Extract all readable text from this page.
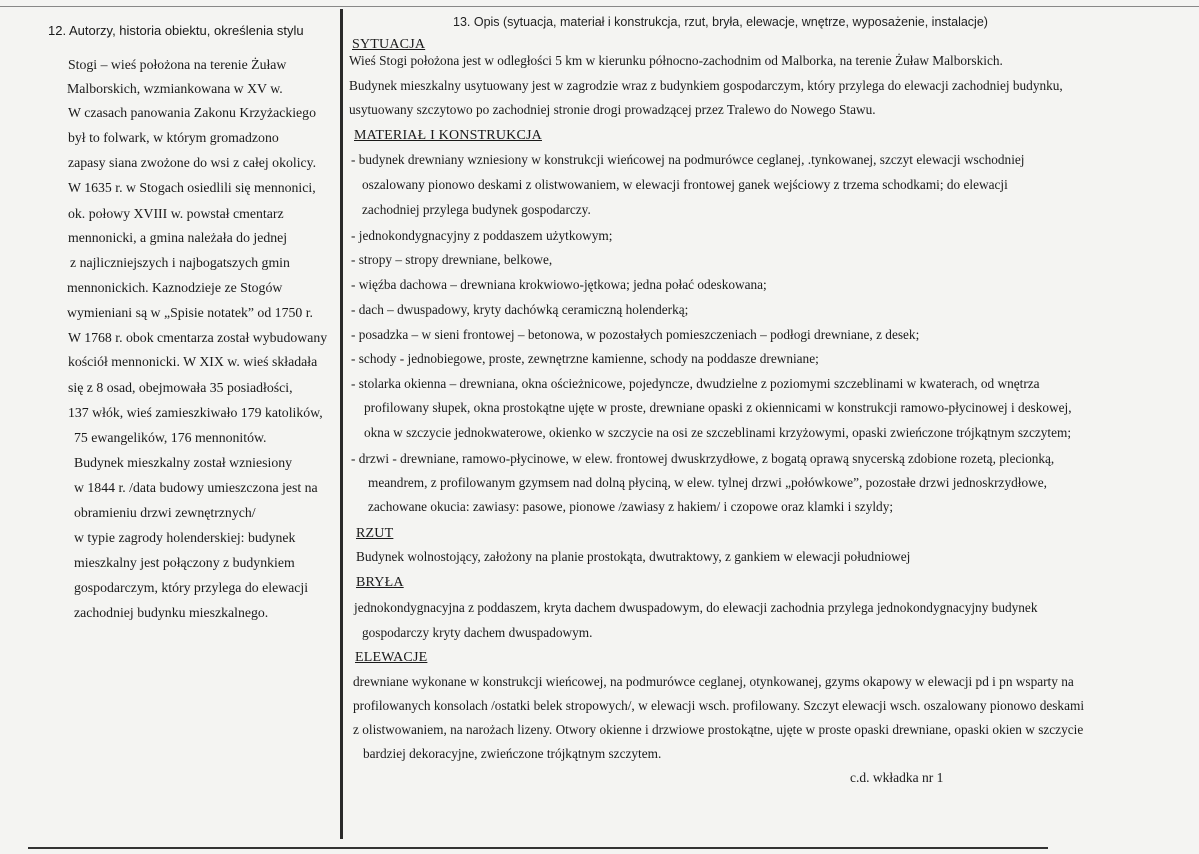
12. Autorzy, historia obiektu, określenia stylu
Stogi – wieś położona na terenie Żuław
Malborskich, wzmiankowana w XV w.
W czasach panowania Zakonu Krzyżackiego
był to folwark, w którym gromadzono
zapasy siana zwożone do wsi z całej okolicy.
W 1635 r. w Stogach osiedlili się mennonici,
ok. połowy XVIII w. powstał cmentarz
mennonicki, a gmina należała do jednej
z najliczniejszych i najbogatszych gmin
mennonickich. Kaznodzieje ze Stogów
wymieniani są w „Spisie notatek” od 1750 r.
W 1768 r. obok cmentarza został wybudowany
kościół mennonicki. W XIX w. wieś składała
się z 8 osad, obejmowała 35 posiadłości,
137 włók, wieś zamieszkiwało 179 katolików,
75 ewangelików, 176 mennonitów.
Budynek mieszkalny został wzniesiony
w 1844 r. /data budowy umieszczona jest na
obramieniu drzwi zewnętrznych/
w typie zagrody holenderskiej: budynek
mieszkalny jest połączony z budynkiem
gospodarczym, który przylega do elewacji
zachodniej budynku mieszkalnego.
13. Opis (sytuacja, materiał i konstrukcja, rzut, bryła, elewacje, wnętrze, wyposażenie, instalacje)
SYTUACJA
Wieś Stogi położona jest w odległości 5 km w kierunku północno-zachodnim od Malborka, na terenie Żuław Malborskich.
Budynek mieszkalny usytuowany jest w zagrodzie wraz z budynkiem gospodarczym, który przylega do elewacji zachodniej budynku,
usytuowany szczytowo po zachodniej stronie drogi prowadzącej przez Tralewo do Nowego Stawu.
MATERIAŁ I KONSTRUKCJA
- budynek drewniany wzniesiony w konstrukcji wieńcowej na podmurówce ceglanej, .tynkowanej, szczyt elewacji wschodniej
oszalowany pionowo deskami z olistwowaniem, w elewacji frontowej ganek wejściowy z trzema schodkami; do elewacji
zachodniej przylega budynek gospodarczy.
- jednokondygnacyjny z poddaszem użytkowym;
- stropy – stropy drewniane, belkowe,
- więźba dachowa – drewniana krokwiowo-jętkowa; jedna połać odeskowana;
- dach – dwuspadowy, kryty dachówką ceramiczną holenderką;
- posadzka – w sieni frontowej – betonowa, w pozostałych pomieszczeniach – podłogi drewniane, z desek;
- schody - jednobiegowe, proste, zewnętrzne kamienne, schody na poddasze drewniane;
- stolarka okienna – drewniana, okna ościeżnicowe, pojedyncze, dwudzielne z poziomymi szczeblinami w kwaterach, od wnętrza
profilowany słupek, okna prostokątne ujęte w proste, drewniane opaski z okiennicami w konstrukcji ramowo-płycinowej i deskowej,
okna w szczycie jednokwaterowe, okienko w szczycie na osi ze szczeblinami krzyżowymi, opaski zwieńczone trójkątnym szczytem;
- drzwi - drewniane, ramowo-płycinowe, w elew. frontowej dwuskrzydłowe, z bogatą oprawą snycerską zdobione rozetą, plecionką,
meandrem, z profilowanym gzymsem nad dolną płyciną, w elew. tylnej drzwi „połówkowe”, pozostałe drzwi jednoskrzydłowe,
zachowane okucia: zawiasy: pasowe, pionowe /zawiasy z hakiem/ i czopowe oraz klamki i szyldy;
RZUT
Budynek wolnostojący, założony na planie prostokąta, dwutraktowy, z gankiem w elewacji południowej
BRYŁA
jednokondygnacyjna z poddaszem, kryta dachem dwuspadowym, do elewacji zachodnia przylega jednokondygnacyjny budynek
gospodarczy kryty dachem dwuspadowym.
ELEWACJE
drewniane wykonane w konstrukcji wieńcowej, na podmurówce ceglanej, otynkowanej, gzyms okapowy w elewacji pd i pn wsparty na
profilowanych konsolach /ostatki belek stropowych/, w elewacji wsch. profilowany. Szczyt elewacji wsch. oszalowany pionowo deskami
z olistwowaniem, na narożach lizeny. Otwory okienne i drzwiowe prostokątne, ujęte w proste opaski drewniane, opaski okien w szczycie
bardziej dekoracyjne, zwieńczone trójkątnym szczytem.
c.d. wkładka nr 1
